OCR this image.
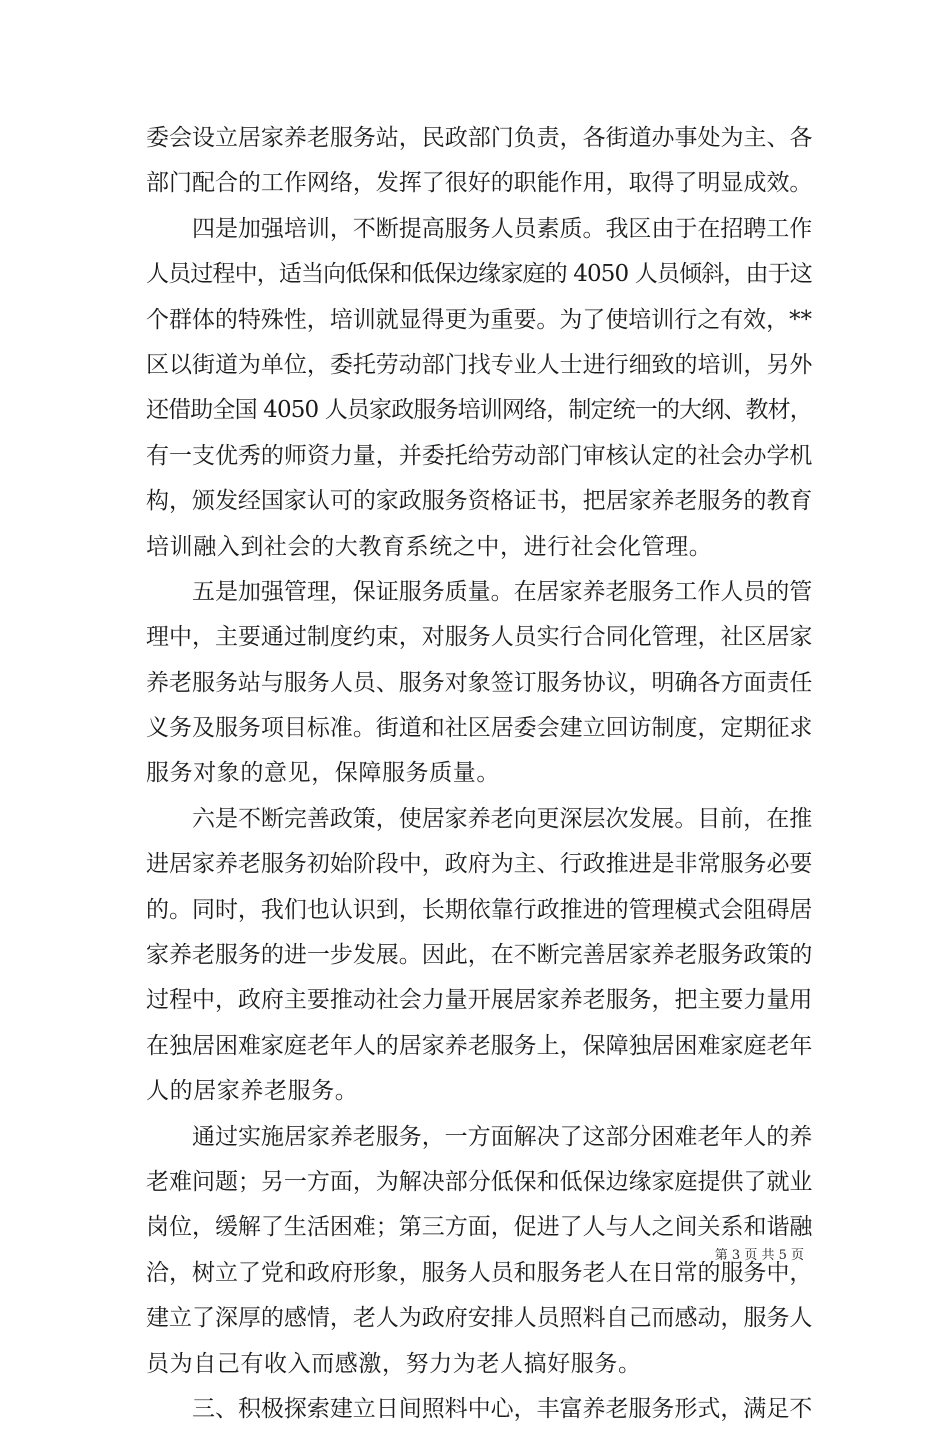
委会设立居家养老服务站，民政部门负责，各街道办事处为主、各
部门配合的工作网络，发挥了很好的职能作用，取得了明显成效。
四是加强培训，不断提高服务人员素质。我区由于在招聘工作
人员过程中，适当向低保和低保边缘家庭的 4050 人员倾斜，由于这
个群体的特殊性，培训就显得更为重要。为了使培训行之有效，**
区以街道为单位，委托劳动部门找专业人士进行细致的培训，另外
还借助全国 4050 人员家政服务培训网络，制定统一的大纲、教材，
有一支优秀的师资力量，并委托给劳动部门审核认定的社会办学机
构，颁发经国家认可的家政服务资格证书，把居家养老服务的教育
培训融入到社会的大教育系统之中，进行社会化管理。
五是加强管理，保证服务质量。在居家养老服务工作人员的管
理中，主要通过制度约束，对服务人员实行合同化管理，社区居家
养老服务站与服务人员、服务对象签订服务协议，明确各方面责任
义务及服务项目标准。街道和社区居委会建立回访制度，定期征求
服务对象的意见，保障服务质量。
六是不断完善政策，使居家养老向更深层次发展。目前，在推
进居家养老服务初始阶段中，政府为主、行政推进是非常服务必要
的。同时，我们也认识到，长期依靠行政推进的管理模式会阻碍居
家养老服务的进一步发展。因此，在不断完善居家养老服务政策的
过程中，政府主要推动社会力量开展居家养老服务，把主要力量用
在独居困难家庭老年人的居家养老服务上，保障独居困难家庭老年
人的居家养老服务。
通过实施居家养老服务，一方面解决了这部分困难老年人的养
老难问题；另一方面，为解决部分低保和低保边缘家庭提供了就业
岗位，缓解了生活困难；第三方面，促进了人与人之间关系和谐融
洽，树立了党和政府形象，服务人员和服务老人在日常的服务中，
建立了深厚的感情，老人为政府安排人员照料自己而感动，服务人
员为自己有收入而感激，努力为老人搞好服务。
三、积极探索建立日间照料中心，丰富养老服务形式，满足不
第 3 页 共 5 页
